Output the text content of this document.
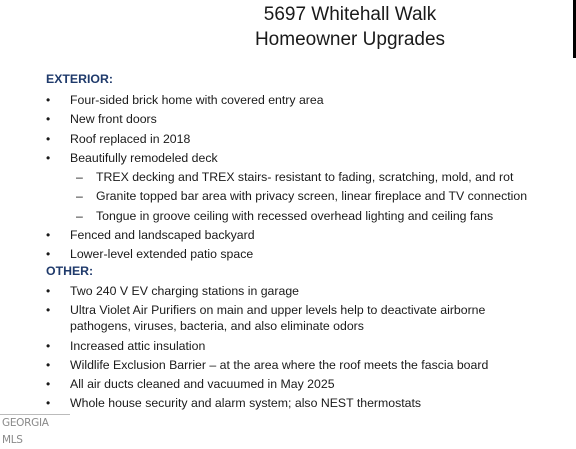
5697 Whitehall Walk
Homeowner Upgrades
EXTERIOR:
• Four-sided brick home with covered entry area
• New front doors
• Roof replaced in 2018
• Beautifully remodeled deck
– TREX decking and TREX stairs- resistant to fading, scratching, mold, and rot
– Granite topped bar area with privacy screen, linear fireplace and TV connection
– Tongue in groove ceiling with recessed overhead lighting and ceiling fans
• Fenced and landscaped backyard
• Lower-level extended patio space
OTHER:
• Two 240 V EV charging stations in garage
• Ultra Violet Air Purifiers on main and upper levels help to deactivate airborne pathogens, viruses, bacteria, and also eliminate odors
• Increased attic insulation
• Wildlife Exclusion Barrier – at the area where the roof meets the fascia board
• All air ducts cleaned and vacuumed in May 2025
• Whole house security and alarm system; also NEST thermostats
GEORGIA MLS
